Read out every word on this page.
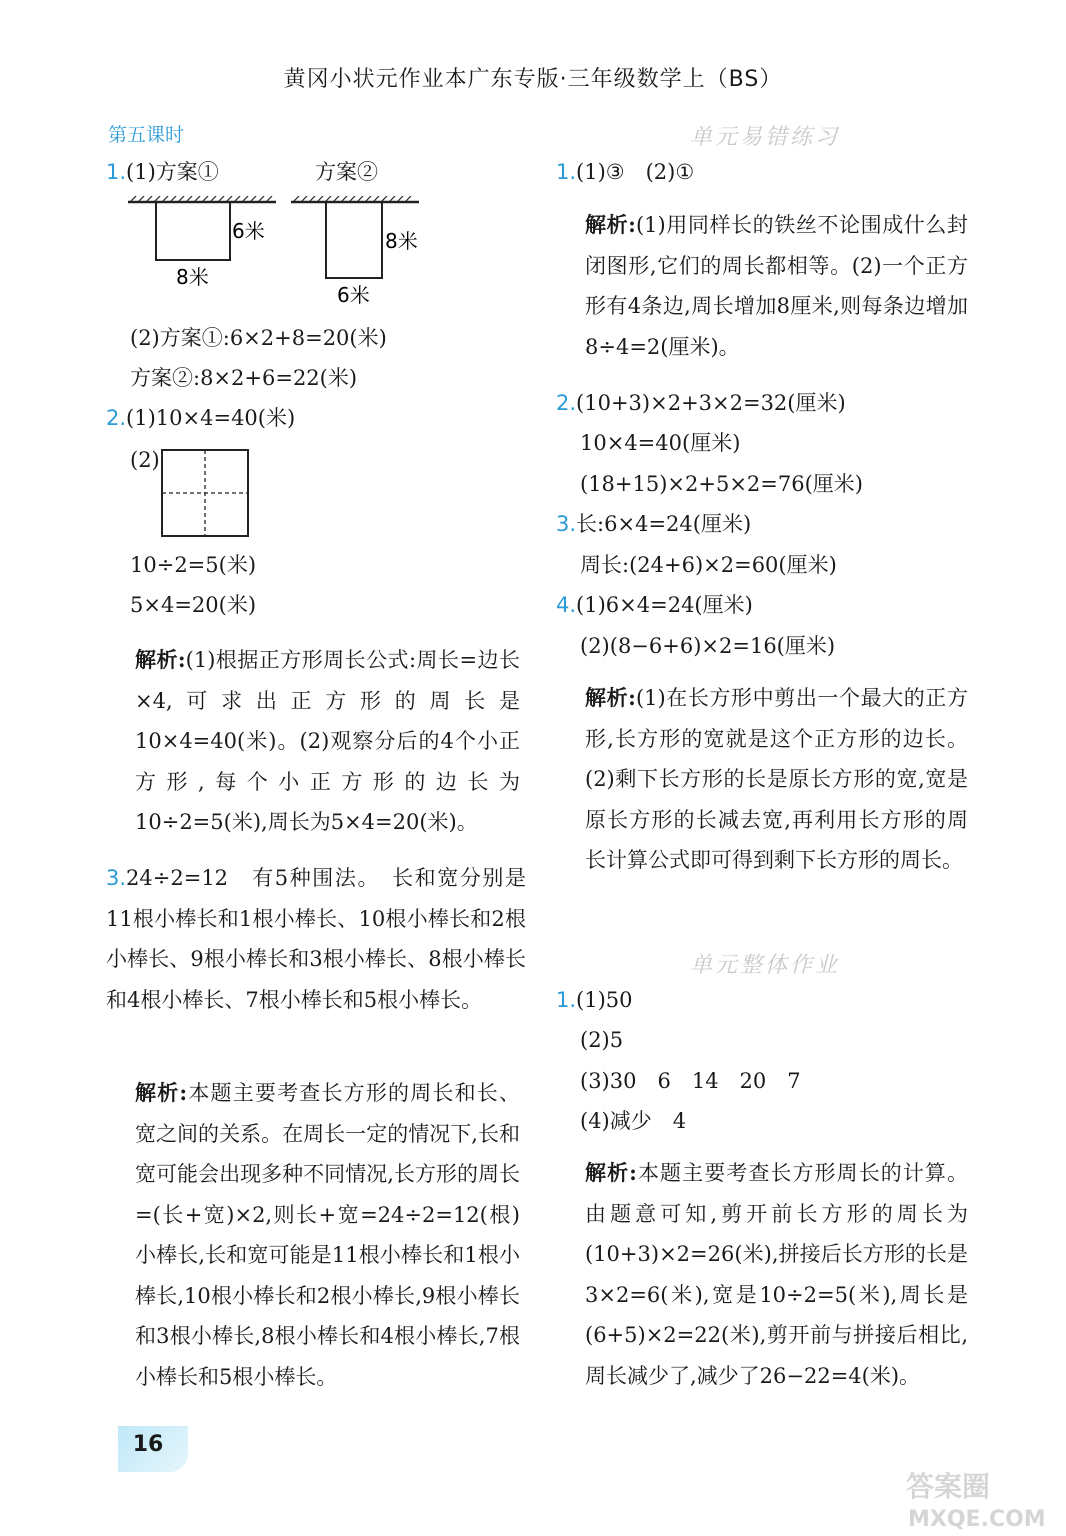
黄冈小状元作业本广东专版·三年级数学上（BS）
第五课时
1.(1)方案①	方案②
6米
8米
8米
6米
(2)方案①:6×2+8=20(米)
方案②:8×2+6=22(米)
2.(1)10×4=40(米)
(2)
10÷2=5(米)
5×4=20(米)
解析:(1)根据正方形周长公式:周长=边长×4,可求出正方形的周长是10×4=40(米)。(2)观察分后的4个小正方形,每个小正方形的边长为10÷2=5(米),周长为5×4=20(米)。
3.24÷2=12　有5种围法。　长和宽分别是11根小棒长和1根小棒长、10根小棒长和2根小棒长、9根小棒长和3根小棒长、8根小棒长和4根小棒长、7根小棒长和5根小棒长。
解析:本题主要考查长方形的周长和长、宽之间的关系。在周长一定的情况下,长和宽可能会出现多种不同情况,长方形的周长=(长+宽)×2,则长+宽=24÷2=12(根)小棒长,长和宽可能是11根小棒长和1根小棒长,10根小棒长和2根小棒长,9根小棒长和3根小棒长,8根小棒长和4根小棒长,7根小棒长和5根小棒长。
单元易错练习
1.(1)③　(2)①
解析:(1)用同样长的铁丝不论围成什么封闭图形,它们的周长都相等。(2)一个正方形有4条边,周长增加8厘米,则每条边增加8÷4=2(厘米)。
2.(10+3)×2+3×2=32(厘米)
10×4=40(厘米)
(18+15)×2+5×2=76(厘米)
3.长:6×4=24(厘米)
周长:(24+6)×2=60(厘米)
4.(1)6×4=24(厘米)
(2)(8−6+6)×2=16(厘米)
解析:(1)在长方形中剪出一个最大的正方形,长方形的宽就是这个正方形的边长。(2)剩下长方形的长是原长方形的宽,宽是原长方形的长减去宽,再利用长方形的周长计算公式即可得到剩下长方形的周长。
单元整体作业
1.(1)50
(2)5
(3)30　6　14　20　7
(4)减少　4
解析:本题主要考查长方形周长的计算。由题意可知,剪开前长方形的周长为(10+3)×2=26(米),拼接后长方形的长是3×2=6(米),宽是10÷2=5(米),周长是(6+5)×2=22(米),剪开前与拼接后相比,周长减少了,减少了26−22=4(米)。
16
答案圈
MXQE.COM
